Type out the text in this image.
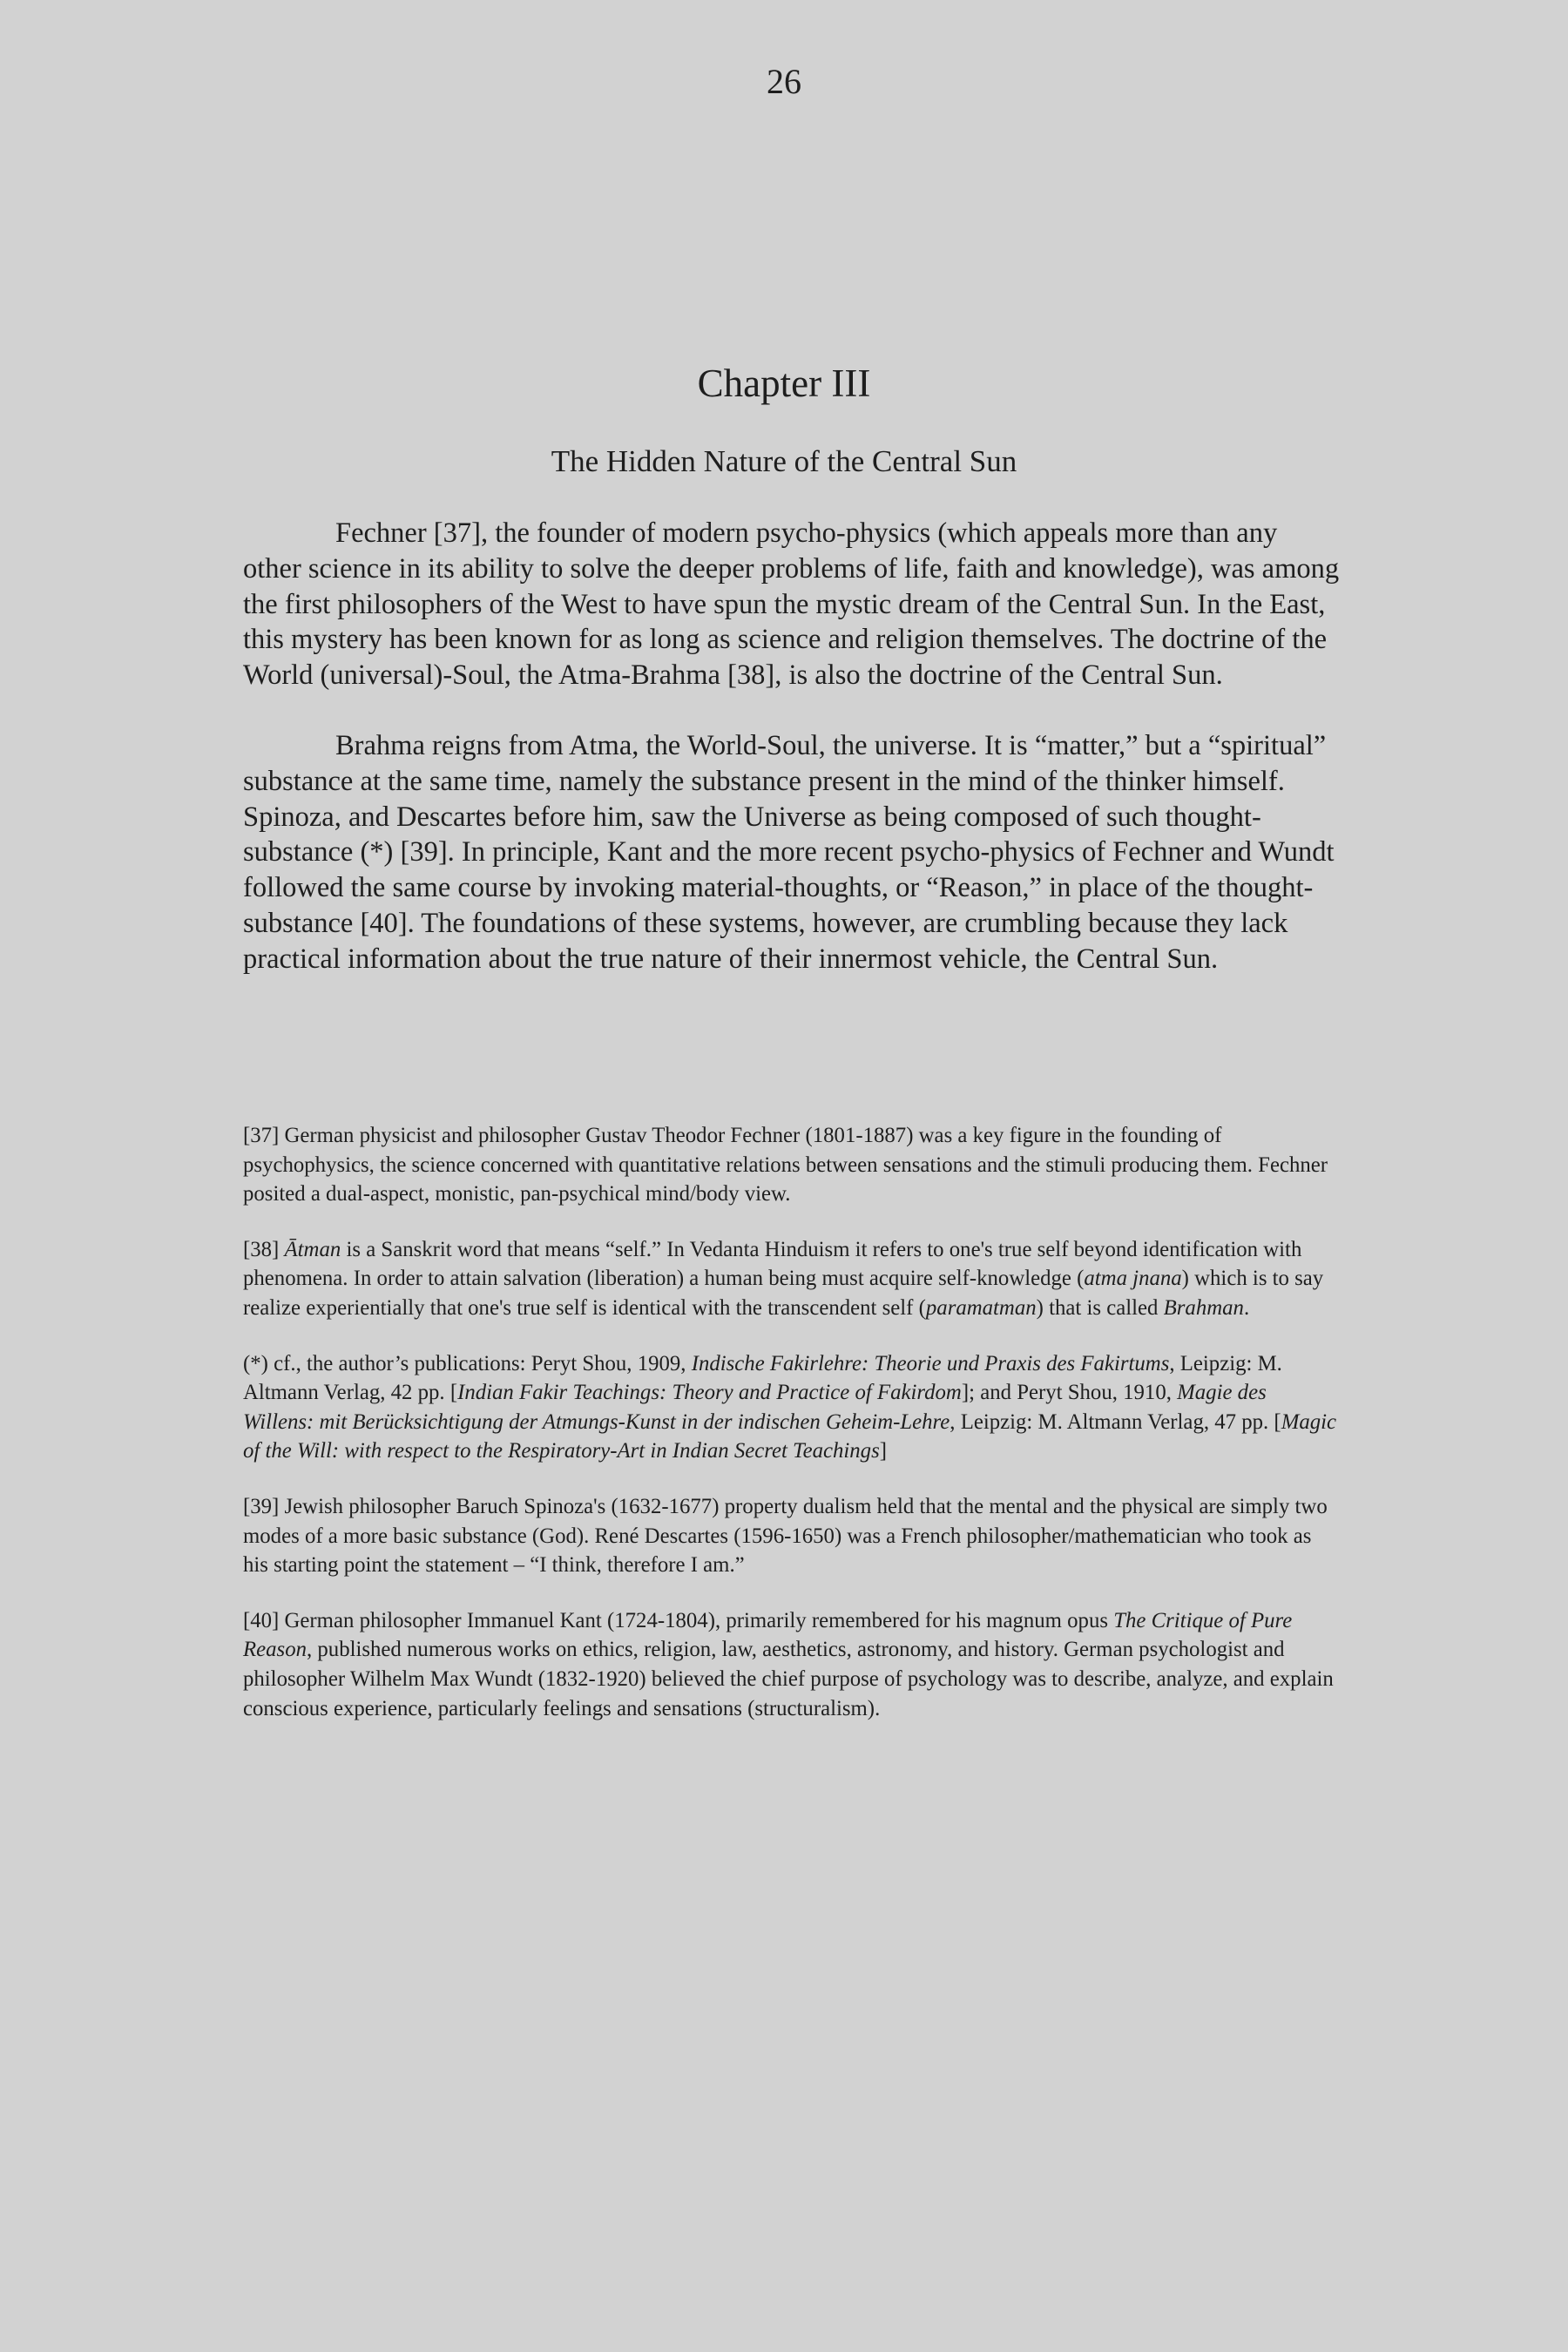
26
Chapter III
The Hidden Nature of the Central Sun

Fechner [37], the founder of modern psycho-physics (which appeals more than any other science in its ability to solve the deeper problems of life, faith and knowledge), was among the first philosophers of the West to have spun the mystic dream of the Central Sun. In the East, this mystery has been known for as long as science and religion themselves. The doctrine of the World (universal)-Soul, the Atma-Brahma [38], is also the doctrine of the Central Sun.

Brahma reigns from Atma, the World-Soul, the universe. It is “matter,” but a “spiritual” substance at the same time, namely the substance present in the mind of the thinker himself. Spinoza, and Descartes before him, saw the Universe as being composed of such thought-substance (*) [39]. In principle, Kant and the more recent psycho-physics of Fechner and Wundt followed the same course by invoking material-thoughts, or “Reason,” in place of the thought-substance [40]. The foundations of these systems, however, are crumbling because they lack practical information about the true nature of their innermost vehicle, the Central Sun.

[37] German physicist and philosopher Gustav Theodor Fechner (1801-1887) was a key figure in the founding of psychophysics, the science concerned with quantitative relations between sensations and the stimuli producing them. Fechner posited a dual-aspect, monistic, pan-psychical mind/body view.
[38] Ātman is a Sanskrit word that means “self.” In Vedanta Hinduism it refers to one's true self beyond identification with phenomena. In order to attain salvation (liberation) a human being must acquire self-knowledge (atma jnana) which is to say realize experientially that one's true self is identical with the transcendent self (paramatman) that is called Brahman.
(*) cf., the author’s publications: Peryt Shou, 1909, Indische Fakirlehre: Theorie und Praxis des Fakirtums, Leipzig: M. Altmann Verlag, 42 pp. [Indian Fakir Teachings: Theory and Practice of Fakirdom]; and Peryt Shou, 1910, Magie des Willens: mit Berücksichtigung der Atmungs-Kunst in der indischen Geheim-Lehre, Leipzig: M. Altmann Verlag, 47 pp. [Magic of the Will: with respect to the Respiratory-Art in Indian Secret Teachings]
[39] Jewish philosopher Baruch Spinoza's (1632-1677) property dualism held that the mental and the physical are simply two modes of a more basic substance (God). René Descartes (1596-1650) was a French philosopher/mathematician who took as his starting point the statement – “I think, therefore I am.”
[40] German philosopher Immanuel Kant (1724-1804), primarily remembered for his magnum opus The Critique of Pure Reason, published numerous works on ethics, religion, law, aesthetics, astronomy, and history. German psychologist and philosopher Wilhelm Max Wundt (1832-1920) believed the chief purpose of psychology was to describe, analyze, and explain conscious experience, particularly feelings and sensations (structuralism).
